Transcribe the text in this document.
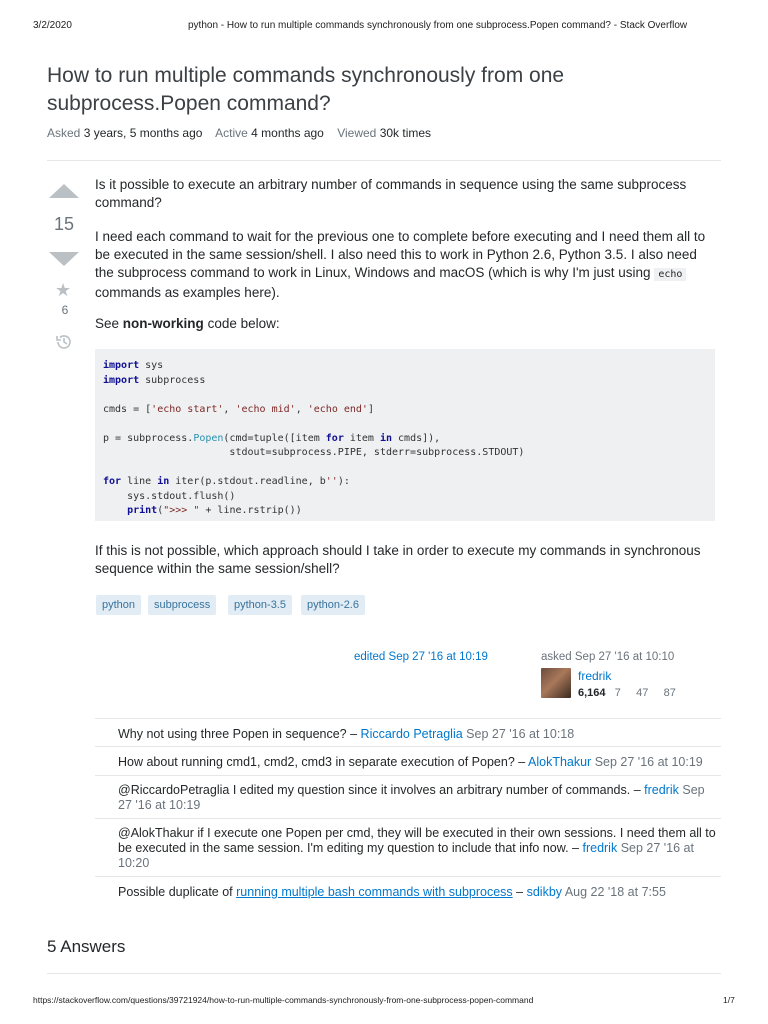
3/2/2020	python - How to run multiple commands synchronously from one subprocess.Popen command? - Stack Overflow
How to run multiple commands synchronously from one subprocess.Popen command?
Asked 3 years, 5 months ago Active 4 months ago Viewed 30k times
15
★
6
Is it possible to execute an arbitrary number of commands in sequence using the same subprocess command?
I need each command to wait for the previous one to complete before executing and I need them all to be executed in the same session/shell. I also need this to work in Python 2.6, Python 3.5. I also need the subprocess command to work in Linux, Windows and macOS (which is why I'm just using echo commands as examples here).
See non-working code below:
import sys
import subprocess

cmds = ['echo start', 'echo mid', 'echo end']

p = subprocess.Popen(cmd=tuple([item for item in cmds]),
stdout=subprocess.PIPE, stderr=subprocess.STDOUT)

for line in iter(p.stdout.readline, b''):
sys.stdout.flush()
print(">>> " + line.rstrip())
If this is not possible, which approach should I take in order to execute my commands in synchronous sequence within the same session/shell?
python	subprocess	python-3.5	python-2.6
edited Sep 27 '16 at 10:19	asked Sep 27 '16 at 10:10
fredrik
6,164 7 47 87
Why not using three Popen in sequence? – Riccardo Petraglia Sep 27 '16 at 10:18
How about running cmd1, cmd2, cmd3 in separate execution of Popen? – AlokThakur Sep 27 '16 at 10:19
@RiccardoPetraglia I edited my question since it involves an arbitrary number of commands. – fredrik Sep 27 '16 at 10:19
@AlokThakur if I execute one Popen per cmd, they will be executed in their own sessions. I need them all to be executed in the same session. I'm editing my question to include that info now. – fredrik Sep 27 '16 at 10:20
Possible duplicate of running multiple bash commands with subprocess – sdikby Aug 22 '18 at 7:55
5 Answers
https://stackoverflow.com/questions/39721924/how-to-run-multiple-commands-synchronously-from-one-subprocess-popen-command	1/7
